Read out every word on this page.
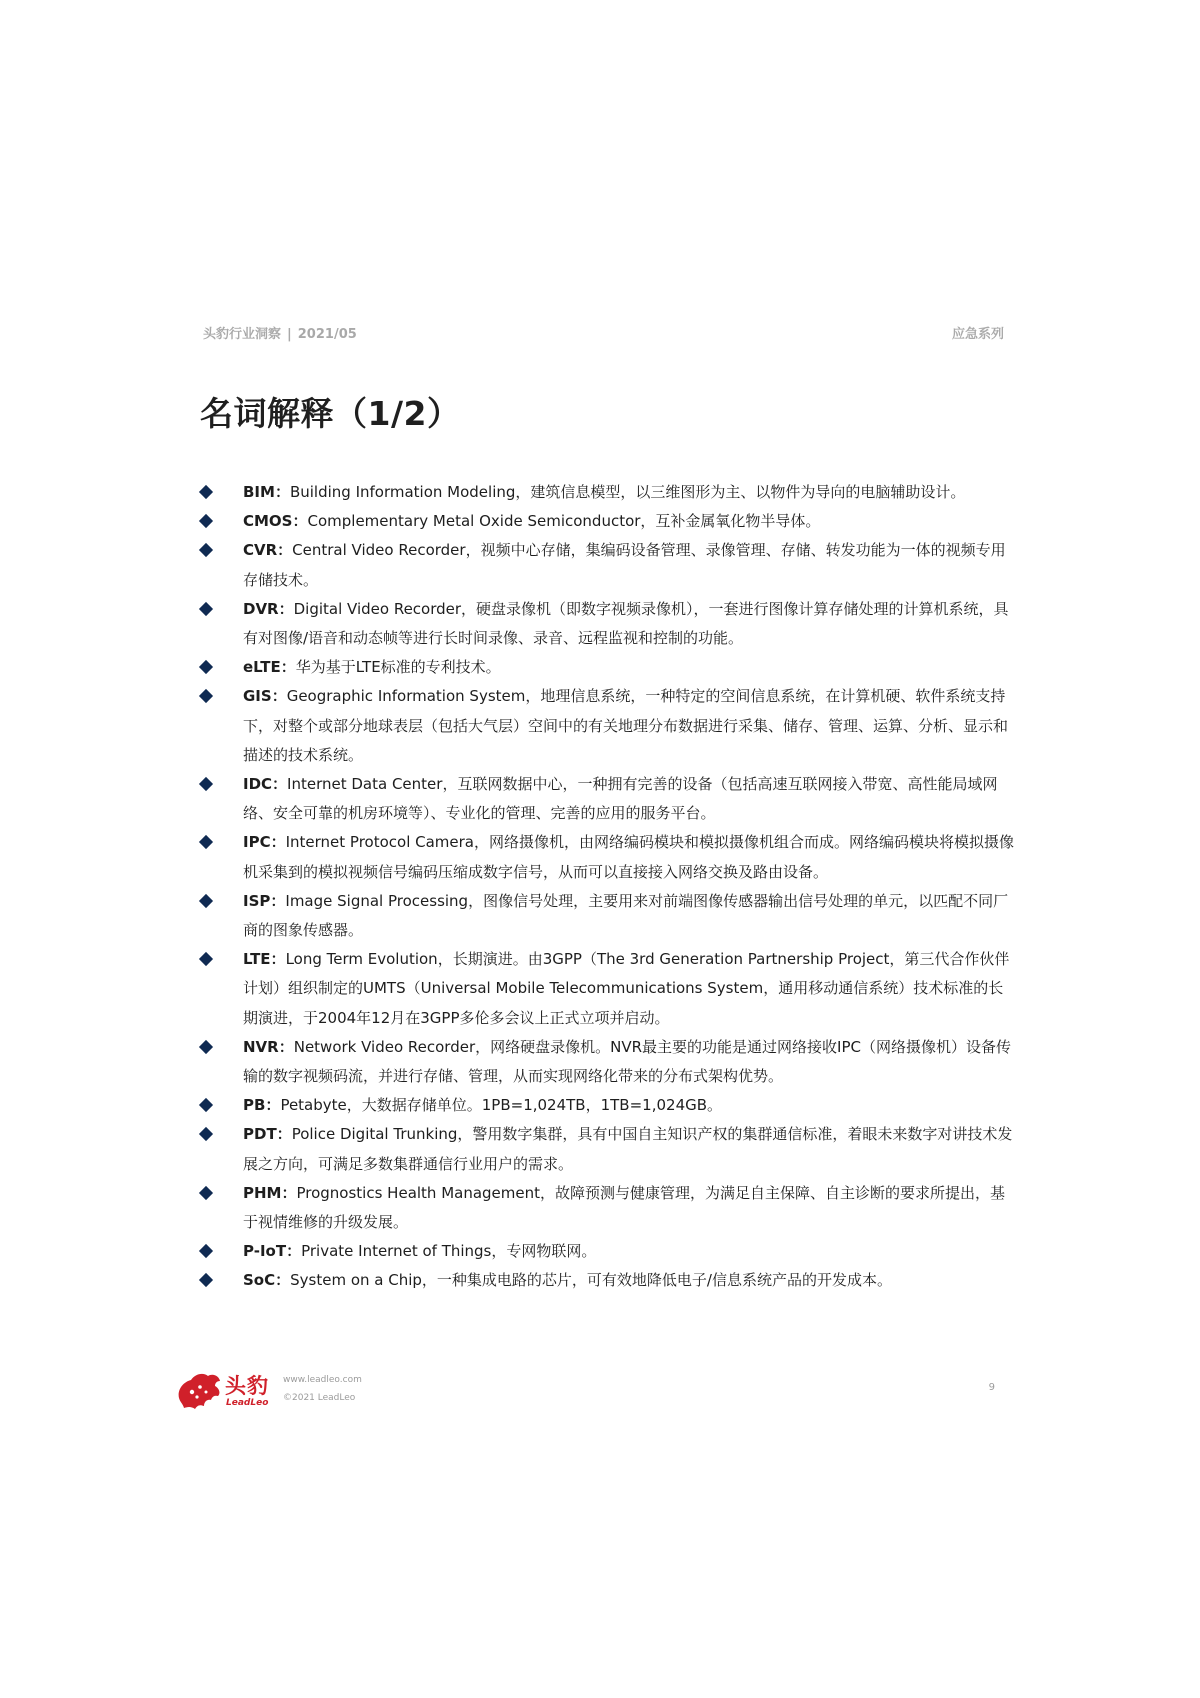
头豹行业洞察 | 2021/05	应急系列
名词解释（1/2）
BIM：Building Information Modeling，建筑信息模型，以三维图形为主、以物件为导向的电脑辅助设计。
CMOS：Complementary Metal Oxide Semiconductor，互补金属氧化物半导体。
CVR：Central Video Recorder，视频中心存储，集编码设备管理、录像管理、存储、转发功能为一体的视频专用存储技术。
DVR：Digital Video Recorder，硬盘录像机（即数字视频录像机），一套进行图像计算存储处理的计算机系统，具有对图像/语音和动态帧等进行长时间录像、录音、远程监视和控制的功能。
eLTE：华为基于LTE标准的专利技术。
GIS：Geographic Information System，地理信息系统，一种特定的空间信息系统，在计算机硬、软件系统支持下，对整个或部分地球表层（包括大气层）空间中的有关地理分布数据进行采集、储存、管理、运算、分析、显示和描述的技术系统。
IDC：Internet Data Center，互联网数据中心，一种拥有完善的设备（包括高速互联网接入带宽、高性能局域网络、安全可靠的机房环境等）、专业化的管理、完善的应用的服务平台。
IPC：Internet Protocol Camera，网络摄像机，由网络编码模块和模拟摄像机组合而成。网络编码模块将模拟摄像机采集到的模拟视频信号编码压缩成数字信号，从而可以直接接入网络交换及路由设备。
ISP：Image Signal Processing，图像信号处理，主要用来对前端图像传感器输出信号处理的单元，以匹配不同厂商的图象传感器。
LTE：Long Term Evolution，长期演进。由3GPP（The 3rd Generation Partnership Project，第三代合作伙伴计划）组织制定的UMTS（Universal Mobile Telecommunications System，通用移动通信系统）技术标准的长期演进，于2004年12月在3GPP多伦多会议上正式立项并启动。
NVR：Network Video Recorder，网络硬盘录像机。NVR最主要的功能是通过网络接收IPC（网络摄像机）设备传输的数字视频码流，并进行存储、管理，从而实现网络化带来的分布式架构优势。
PB：Petabyte，大数据存储单位。1PB=1,024TB，1TB=1,024GB。
PDT：Police Digital Trunking，警用数字集群，具有中国自主知识产权的集群通信标准，着眼未来数字对讲技术发展之方向，可满足多数集群通信行业用户的需求。
PHM：Prognostics Health Management，故障预测与健康管理，为满足自主保障、自主诊断的要求所提出，基于视情维修的升级发展。
P-IoT：Private Internet of Things，专网物联网。
SoC：System on a Chip，一种集成电路的芯片，可有效地降低电子/信息系统产品的开发成本。
头豹
LeadLeo
www.leadleo.com
©2021 LeadLeo
9
